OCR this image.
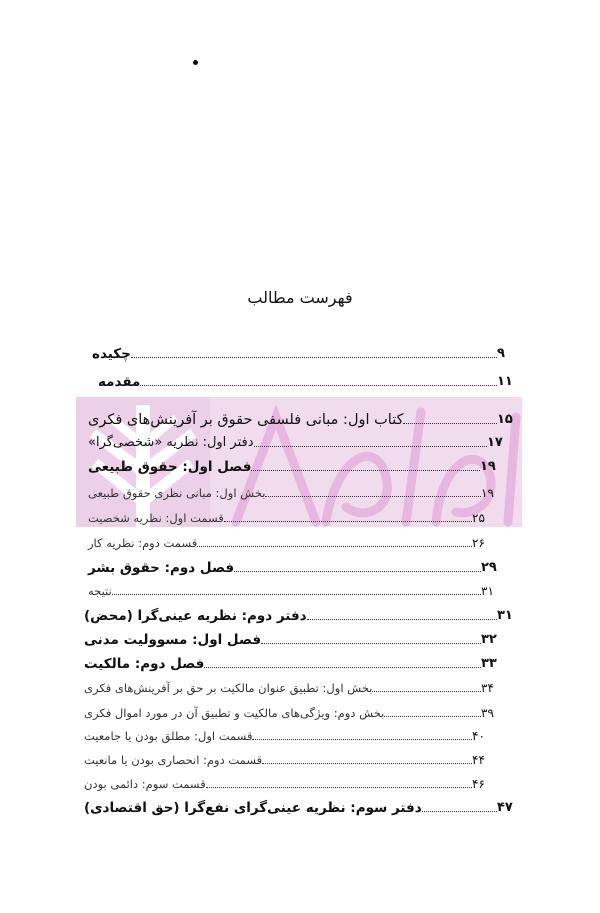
فهرست مطالب
چکیده	۹
مقدمه	۱۱
کتاب اول: مبانی فلسفی حقوق بر آفرینش‌های فکری	۱۵
دفتر اول: نظریه «شخصی‌گرا»	۱۷
فصل اول: حقوق طبیعی	۱۹
بخش اول: مبانی نظری حقوق طبیعی	۱۹
قسمت اول: نظریه شخصیت	۲۵
قسمت دوم: نظریه کار	۲۶
فصل دوم: حقوق بشر	۲۹
نتیجه	۳۱
دفتر دوم: نظریه عینی‌گرا (محض)	۳۱
فصل اول: مسوولیت مدنی	۳۲
فصل دوم: مالکیت	۳۳
بخش اول: تطبیق عنوان مالکیت بر حق بر آفرینش‌های فکری	۳۴
بخش دوم: ویژگی‌های مالکیت و تطبیق آن در مورد اموال فکری	۳۹
قسمت اول: مطلق بودن یا جامعیت	۴۰
قسمت دوم: انحصاری بودن یا مانعیت	۴۴
قسمت سوم: دائمی بودن	۴۶
دفتر سوم: نظریه عینی‌گرای نفع‌گرا (حق اقتصادی)	۴۷
